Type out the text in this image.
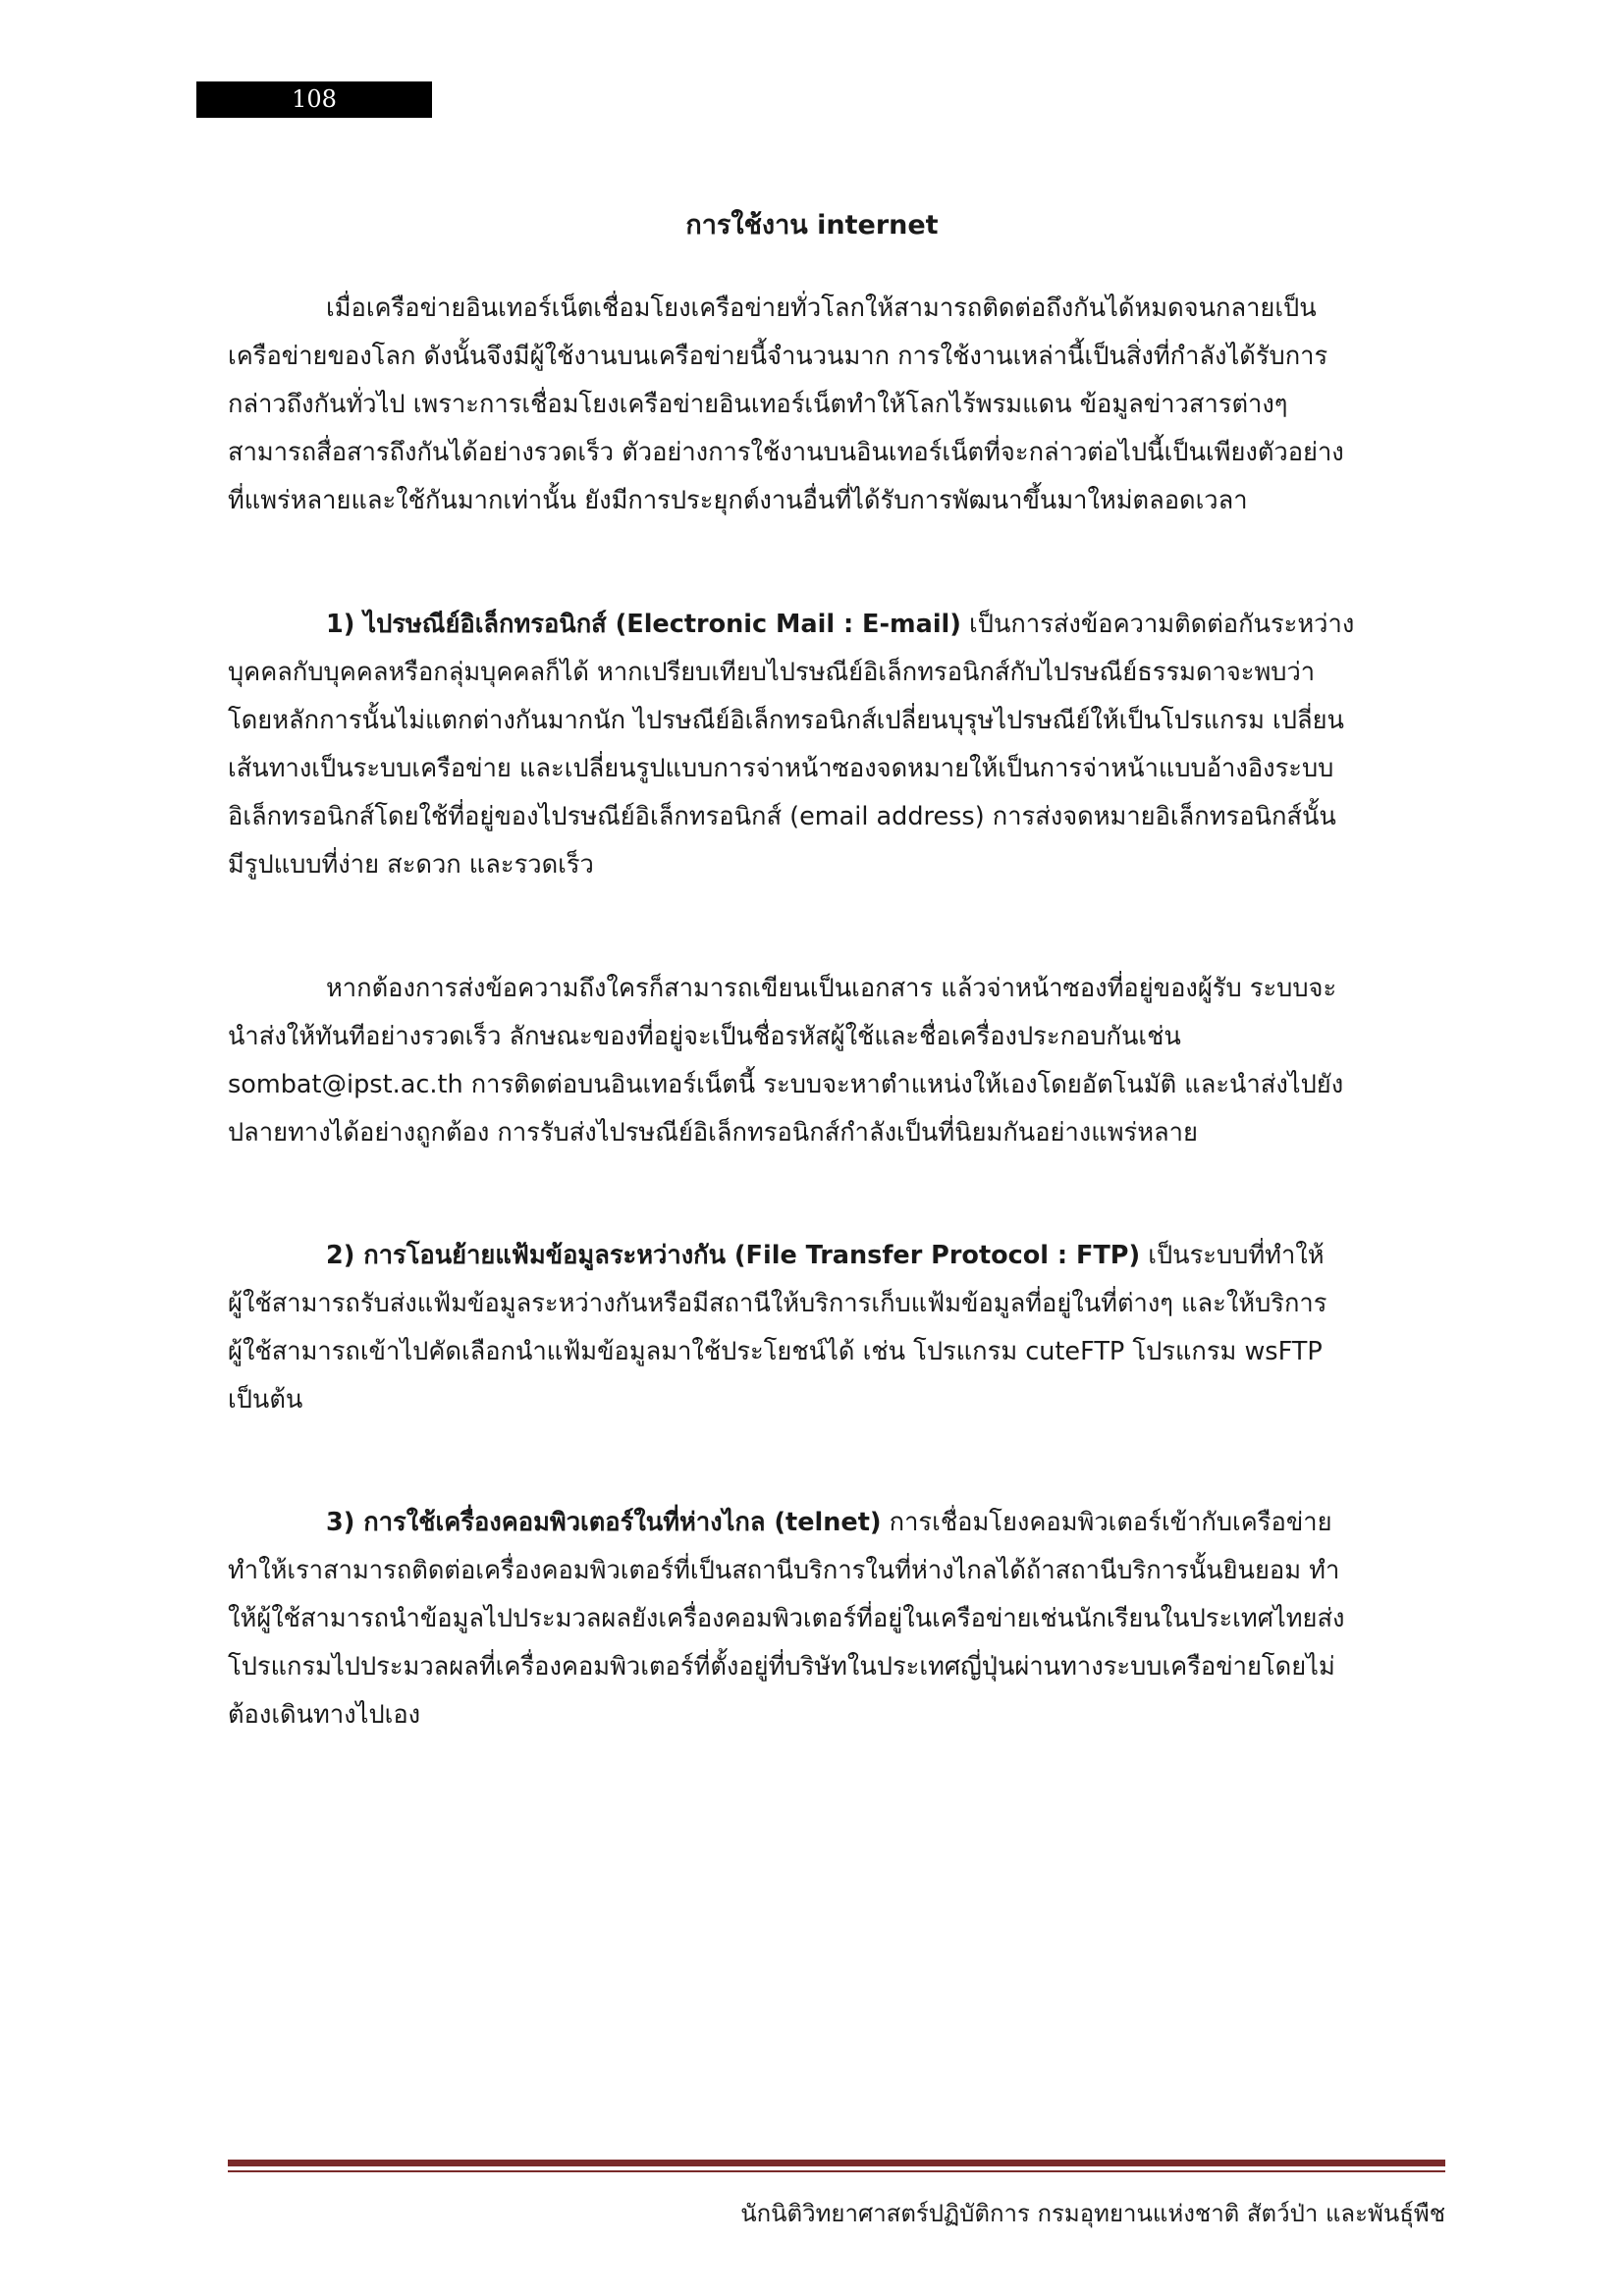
108
การใช้งาน internet
เมื่อเครือข่ายอินเทอร์เน็ตเชื่อมโยงเครือข่ายทั่วโลกให้สามารถติดต่อถึงกันได้หมดจนกลายเป็น
เครือข่ายของโลก ดังนั้นจึงมีผู้ใช้งานบนเครือข่ายนี้จำนวนมาก การใช้งานเหล่านี้เป็นสิ่งที่กำลังได้รับการ
กล่าวถึงกันทั่วไป เพราะการเชื่อมโยงเครือข่ายอินเทอร์เน็ตทำให้โลกไร้พรมแดน ข้อมูลข่าวสารต่างๆ
สามารถสื่อสารถึงกันได้อย่างรวดเร็ว ตัวอย่างการใช้งานบนอินเทอร์เน็ตที่จะกล่าวต่อไปนี้เป็นเพียงตัวอย่าง
ที่แพร่หลายและใช้กันมากเท่านั้น ยังมีการประยุกต์งานอื่นที่ได้รับการพัฒนาขึ้นมาใหม่ตลอดเวลา
1) ไปรษณีย์อิเล็กทรอนิกส์ (Electronic Mail : E-mail) เป็นการส่งข้อความติดต่อกันระหว่าง
บุคคลกับบุคคลหรือกลุ่มบุคคลก็ได้ หากเปรียบเทียบไปรษณีย์อิเล็กทรอนิกส์กับไปรษณีย์ธรรมดาจะพบว่า
โดยหลักการนั้นไม่แตกต่างกันมากนัก ไปรษณีย์อิเล็กทรอนิกส์เปลี่ยนบุรุษไปรษณีย์ให้เป็นโปรแกรม เปลี่ยน
เส้นทางเป็นระบบเครือข่าย และเปลี่ยนรูปแบบการจ่าหน้าซองจดหมายให้เป็นการจ่าหน้าแบบอ้างอิงระบบ
อิเล็กทรอนิกส์โดยใช้ที่อยู่ของไปรษณีย์อิเล็กทรอนิกส์ (email address) การส่งจดหมายอิเล็กทรอนิกส์นั้น
มีรูปแบบที่ง่าย สะดวก และรวดเร็ว
หากต้องการส่งข้อความถึงใครก็สามารถเขียนเป็นเอกสาร แล้วจ่าหน้าซองที่อยู่ของผู้รับ ระบบจะ
นำส่งให้ทันทีอย่างรวดเร็ว ลักษณะของที่อยู่จะเป็นชื่อรหัสผู้ใช้และชื่อเครื่องประกอบกันเช่น
sombat@ipst.ac.th การติดต่อบนอินเทอร์เน็ตนี้ ระบบจะหาตำแหน่งให้เองโดยอัตโนมัติ และนำส่งไปยัง
ปลายทางได้อย่างถูกต้อง การรับส่งไปรษณีย์อิเล็กทรอนิกส์กำลังเป็นที่นิยมกันอย่างแพร่หลาย
2) การโอนย้ายแฟ้มข้อมูลระหว่างกัน (File Transfer Protocol : FTP) เป็นระบบที่ทำให้
ผู้ใช้สามารถรับส่งแฟ้มข้อมูลระหว่างกันหรือมีสถานีให้บริการเก็บแฟ้มข้อมูลที่อยู่ในที่ต่างๆ และให้บริการ
ผู้ใช้สามารถเข้าไปคัดเลือกนำแฟ้มข้อมูลมาใช้ประโยชน์ได้ เช่น โปรแกรม cuteFTP โปรแกรม wsFTP
เป็นต้น
3) การใช้เครื่องคอมพิวเตอร์ในที่ห่างไกล (telnet) การเชื่อมโยงคอมพิวเตอร์เข้ากับเครือข่าย
ทำให้เราสามารถติดต่อเครื่องคอมพิวเตอร์ที่เป็นสถานีบริการในที่ห่างไกลได้ถ้าสถานีบริการนั้นยินยอม ทำ
ให้ผู้ใช้สามารถนำข้อมูลไปประมวลผลยังเครื่องคอมพิวเตอร์ที่อยู่ในเครือข่ายเช่นนักเรียนในประเทศไทยส่ง
โปรแกรมไปประมวลผลที่เครื่องคอมพิวเตอร์ที่ตั้งอยู่ที่บริษัทในประเทศญี่ปุ่นผ่านทางระบบเครือข่ายโดยไม่
ต้องเดินทางไปเอง
นักนิติวิทยาศาสตร์ปฏิบัติการ กรมอุทยานแห่งชาติ สัตว์ป่า และพันธุ์พืช
